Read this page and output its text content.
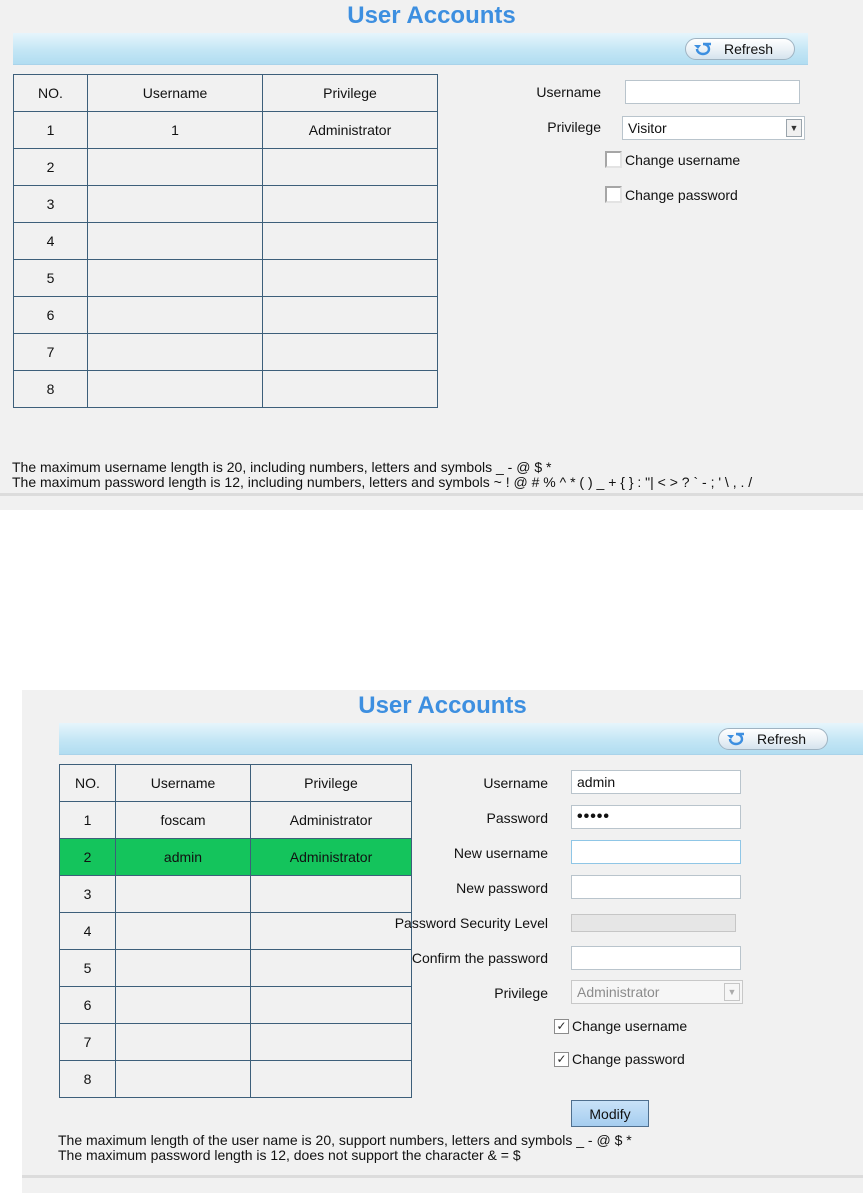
User Accounts
Refresh
NO.	Username	Privilege
1	1	Administrator
2		
3		
4		
5		
6		
7		
8		
Username
Privilege	Visitor	▼
Change username
Change password
The maximum username length is 20, including numbers, letters and symbols _ - @ $ *
The maximum password length is 12, including numbers, letters and symbols ~ ! @ # % ^ * ( ) _ + { } : "| < > ? ` - ; ' \ , . /
User Accounts
Refresh
NO.	Username	Privilege
1	foscam	Administrator
2	admin	Administrator
3		
4		
5		
6		
7		
8		
Username	admin
Password	•••••
New username
New password
Password Security Level
Confirm the password
Privilege	Administrator	▼
✓ Change username
✓ Change password
Modify
The maximum length of the user name is 20, support numbers, letters and symbols _ - @ $ *
The maximum password length is 12, does not support the character & = $
